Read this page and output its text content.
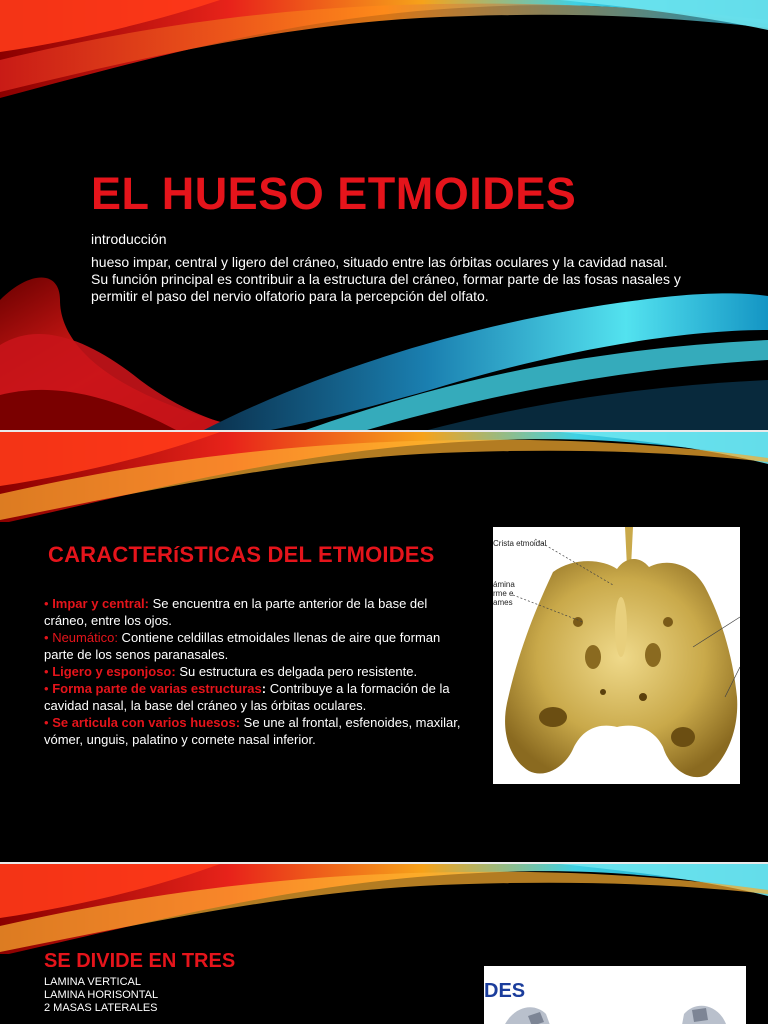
EL HUESO ETMOIDES
introducción

hueso impar, central y ligero del cráneo, situado entre las órbitas oculares y la cavidad nasal. Su función principal es contribuir a la estructura del cráneo, formar parte de las fosas nasales y permitir el paso del nervio olfatorio para la percepción del olfato.

CARACTERíSTICAS DEL ETMOIDES
• Impar y central: Se encuentra en la parte anterior de la base del cráneo, entre los ojos.
• Neumático: Contiene celdillas etmoidales llenas de aire que forman parte de los senos paranasales.
• Ligero y esponjoso: Su estructura es delgada pero resistente.
• Forma parte de varias estructuras: Contribuye a la formación de la cavidad nasal, la base del cráneo y las órbitas oculares.
• Se articula con varios huesos: Se une al frontal, esfenoides, maxilar, vómer, unguis, palatino y cornete nasal inferior.
Crista etmoidal
ámina
rme e
ames
SE DIVIDE EN TRES
LAMINA VERTICAL
LAMINA HORISONTAL
2 MASAS LATERALES
DES
